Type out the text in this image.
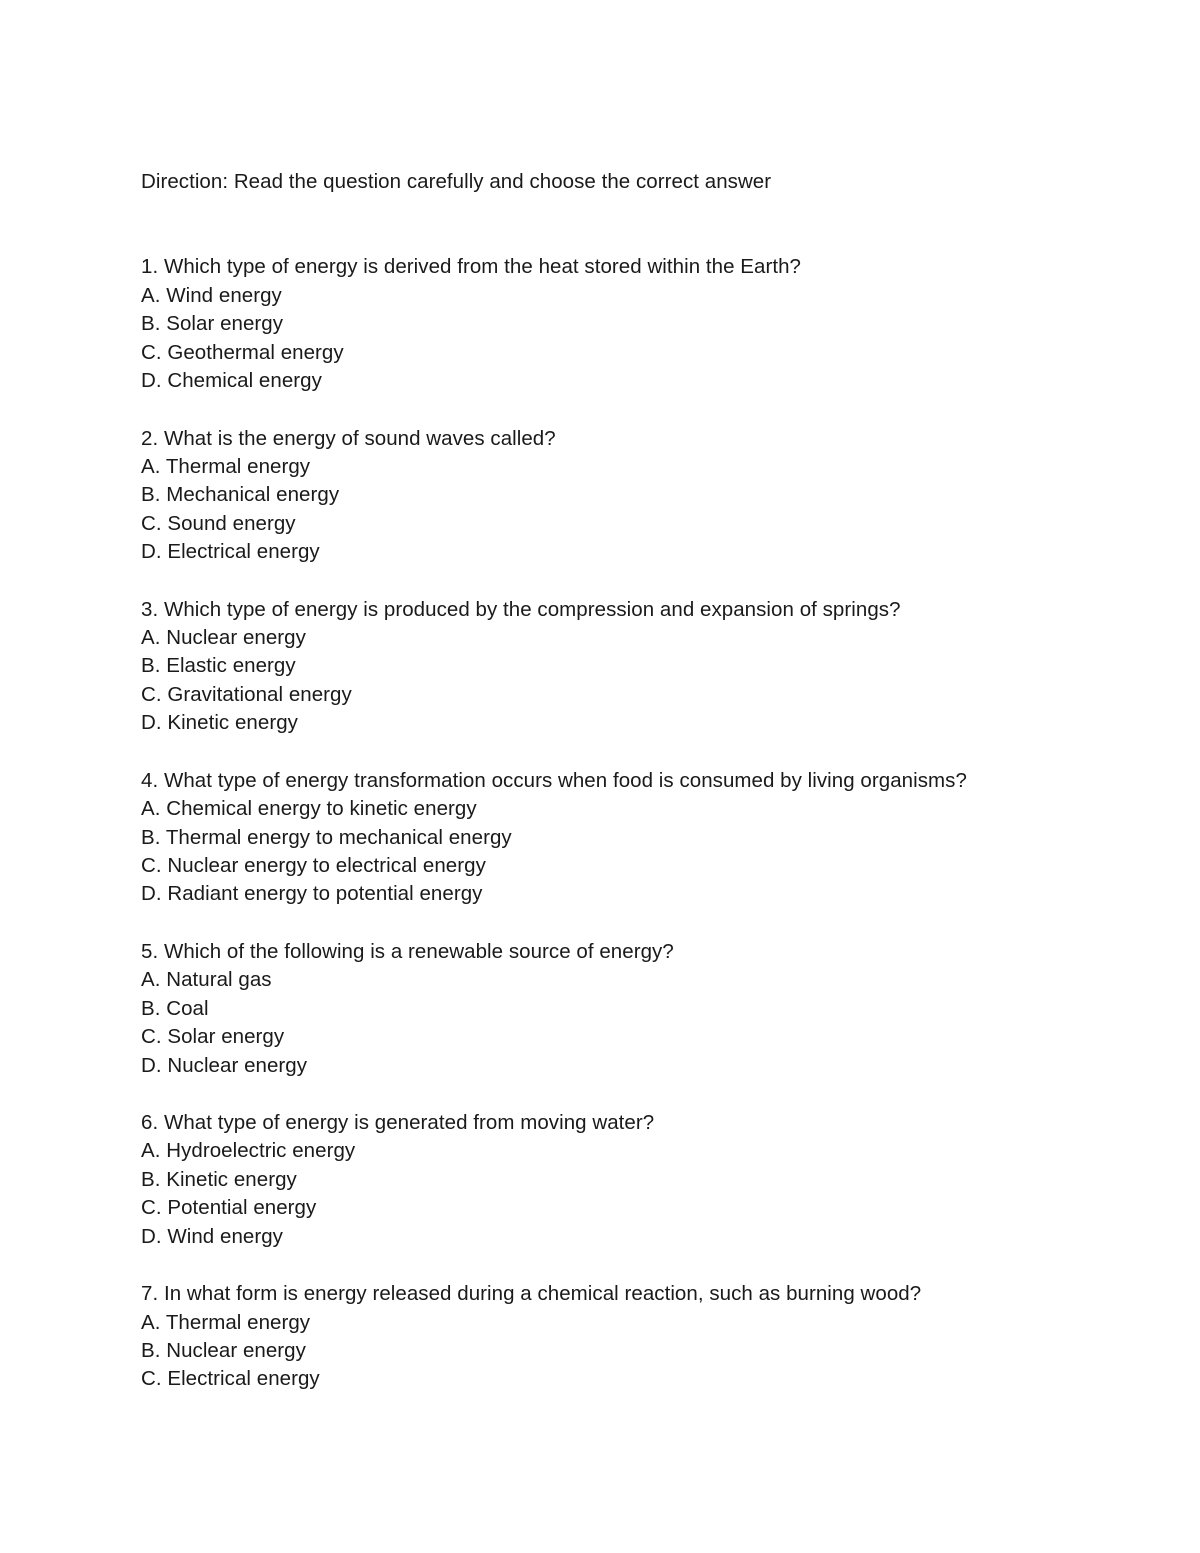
Direction: Read the question carefully and choose the correct answer
1. Which type of energy is derived from the heat stored within the Earth?
A. Wind energy
B. Solar energy
C. Geothermal energy
D. Chemical energy
2. What is the energy of sound waves called?
A. Thermal energy
B. Mechanical energy
C. Sound energy
D. Electrical energy
3. Which type of energy is produced by the compression and expansion of springs?
A. Nuclear energy
B. Elastic energy
C. Gravitational energy
D. Kinetic energy
4. What type of energy transformation occurs when food is consumed by living organisms?
A. Chemical energy to kinetic energy
B. Thermal energy to mechanical energy
C. Nuclear energy to electrical energy
D. Radiant energy to potential energy
5. Which of the following is a renewable source of energy?
A. Natural gas
B. Coal
C. Solar energy
D. Nuclear energy
6. What type of energy is generated from moving water?
A. Hydroelectric energy
B. Kinetic energy
C. Potential energy
D. Wind energy
7. In what form is energy released during a chemical reaction, such as burning wood?
A. Thermal energy
B. Nuclear energy
C. Electrical energy
